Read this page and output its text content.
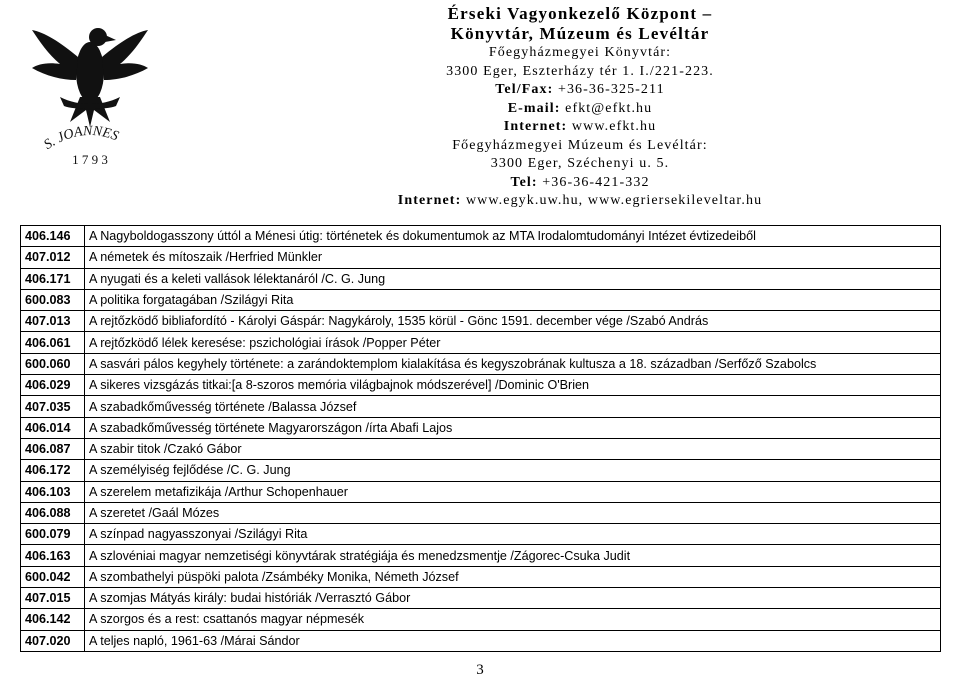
S. JOANNES
1 7 9 3
Érseki Vagyonkezelő Központ –
Könyvtár, Múzeum és Levéltár
Főegyházmegyei Könyvtár:
3300 Eger, Eszterházy tér 1. I./221-223.
Tel/Fax: +36-36-325-211
E-mail: efkt@efkt.hu
Internet: www.efkt.hu
Főegyházmegyei Múzeum és Levéltár:
3300 Eger, Széchenyi u. 5.
Tel: +36-36-421-332
Internet: www.egyk.uw.hu, www.egriersekileveltar.hu
406.146	A Nagyboldogasszony úttól a Ménesi útig: történetek és dokumentumok az MTA Irodalomtudományi Intézet évtizedeiből
407.012	A németek és mítoszaik /Herfried Münkler
406.171	A nyugati és a keleti vallások lélektanáról /C. G. Jung
600.083	A politika forgatagában /Szilágyi Rita
407.013	A rejtőzködő bibliafordító - Károlyi Gáspár: Nagykároly, 1535 körül - Gönc 1591. december vége /Szabó András
406.061	A rejtőzködő lélek keresése: pszichológiai írások /Popper Péter
600.060	A sasvári pálos kegyhely története: a zarándoktemplom kialakítása és kegyszobrának kultusza a 18. században /Serfőző Szabolcs
406.029	A sikeres vizsgázás titkai:[a 8-szoros memória világbajnok módszerével] /Dominic O'Brien
407.035	A szabadkőművesség története /Balassa József
406.014	A szabadkőművesség története Magyarországon /írta Abafi Lajos
406.087	A szabir titok /Czakó Gábor
406.172	A személyiség fejlődése /C. G. Jung
406.103	A szerelem metafizikája /Arthur Schopenhauer
406.088	A szeretet /Gaál Mózes
600.079	A színpad nagyasszonyai /Szilágyi Rita
406.163	A szlovéniai magyar nemzetiségi könyvtárak stratégiája és menedzsmentje /Zágorec-Csuka Judit
600.042	A szombathelyi püspöki palota /Zsámbéky Monika, Németh József
407.015	A szomjas Mátyás király: budai históriák /Verrasztó Gábor
406.142	A szorgos és a rest: csattanós magyar népmesék
407.020	A teljes napló, 1961-63 /Márai Sándor
3
